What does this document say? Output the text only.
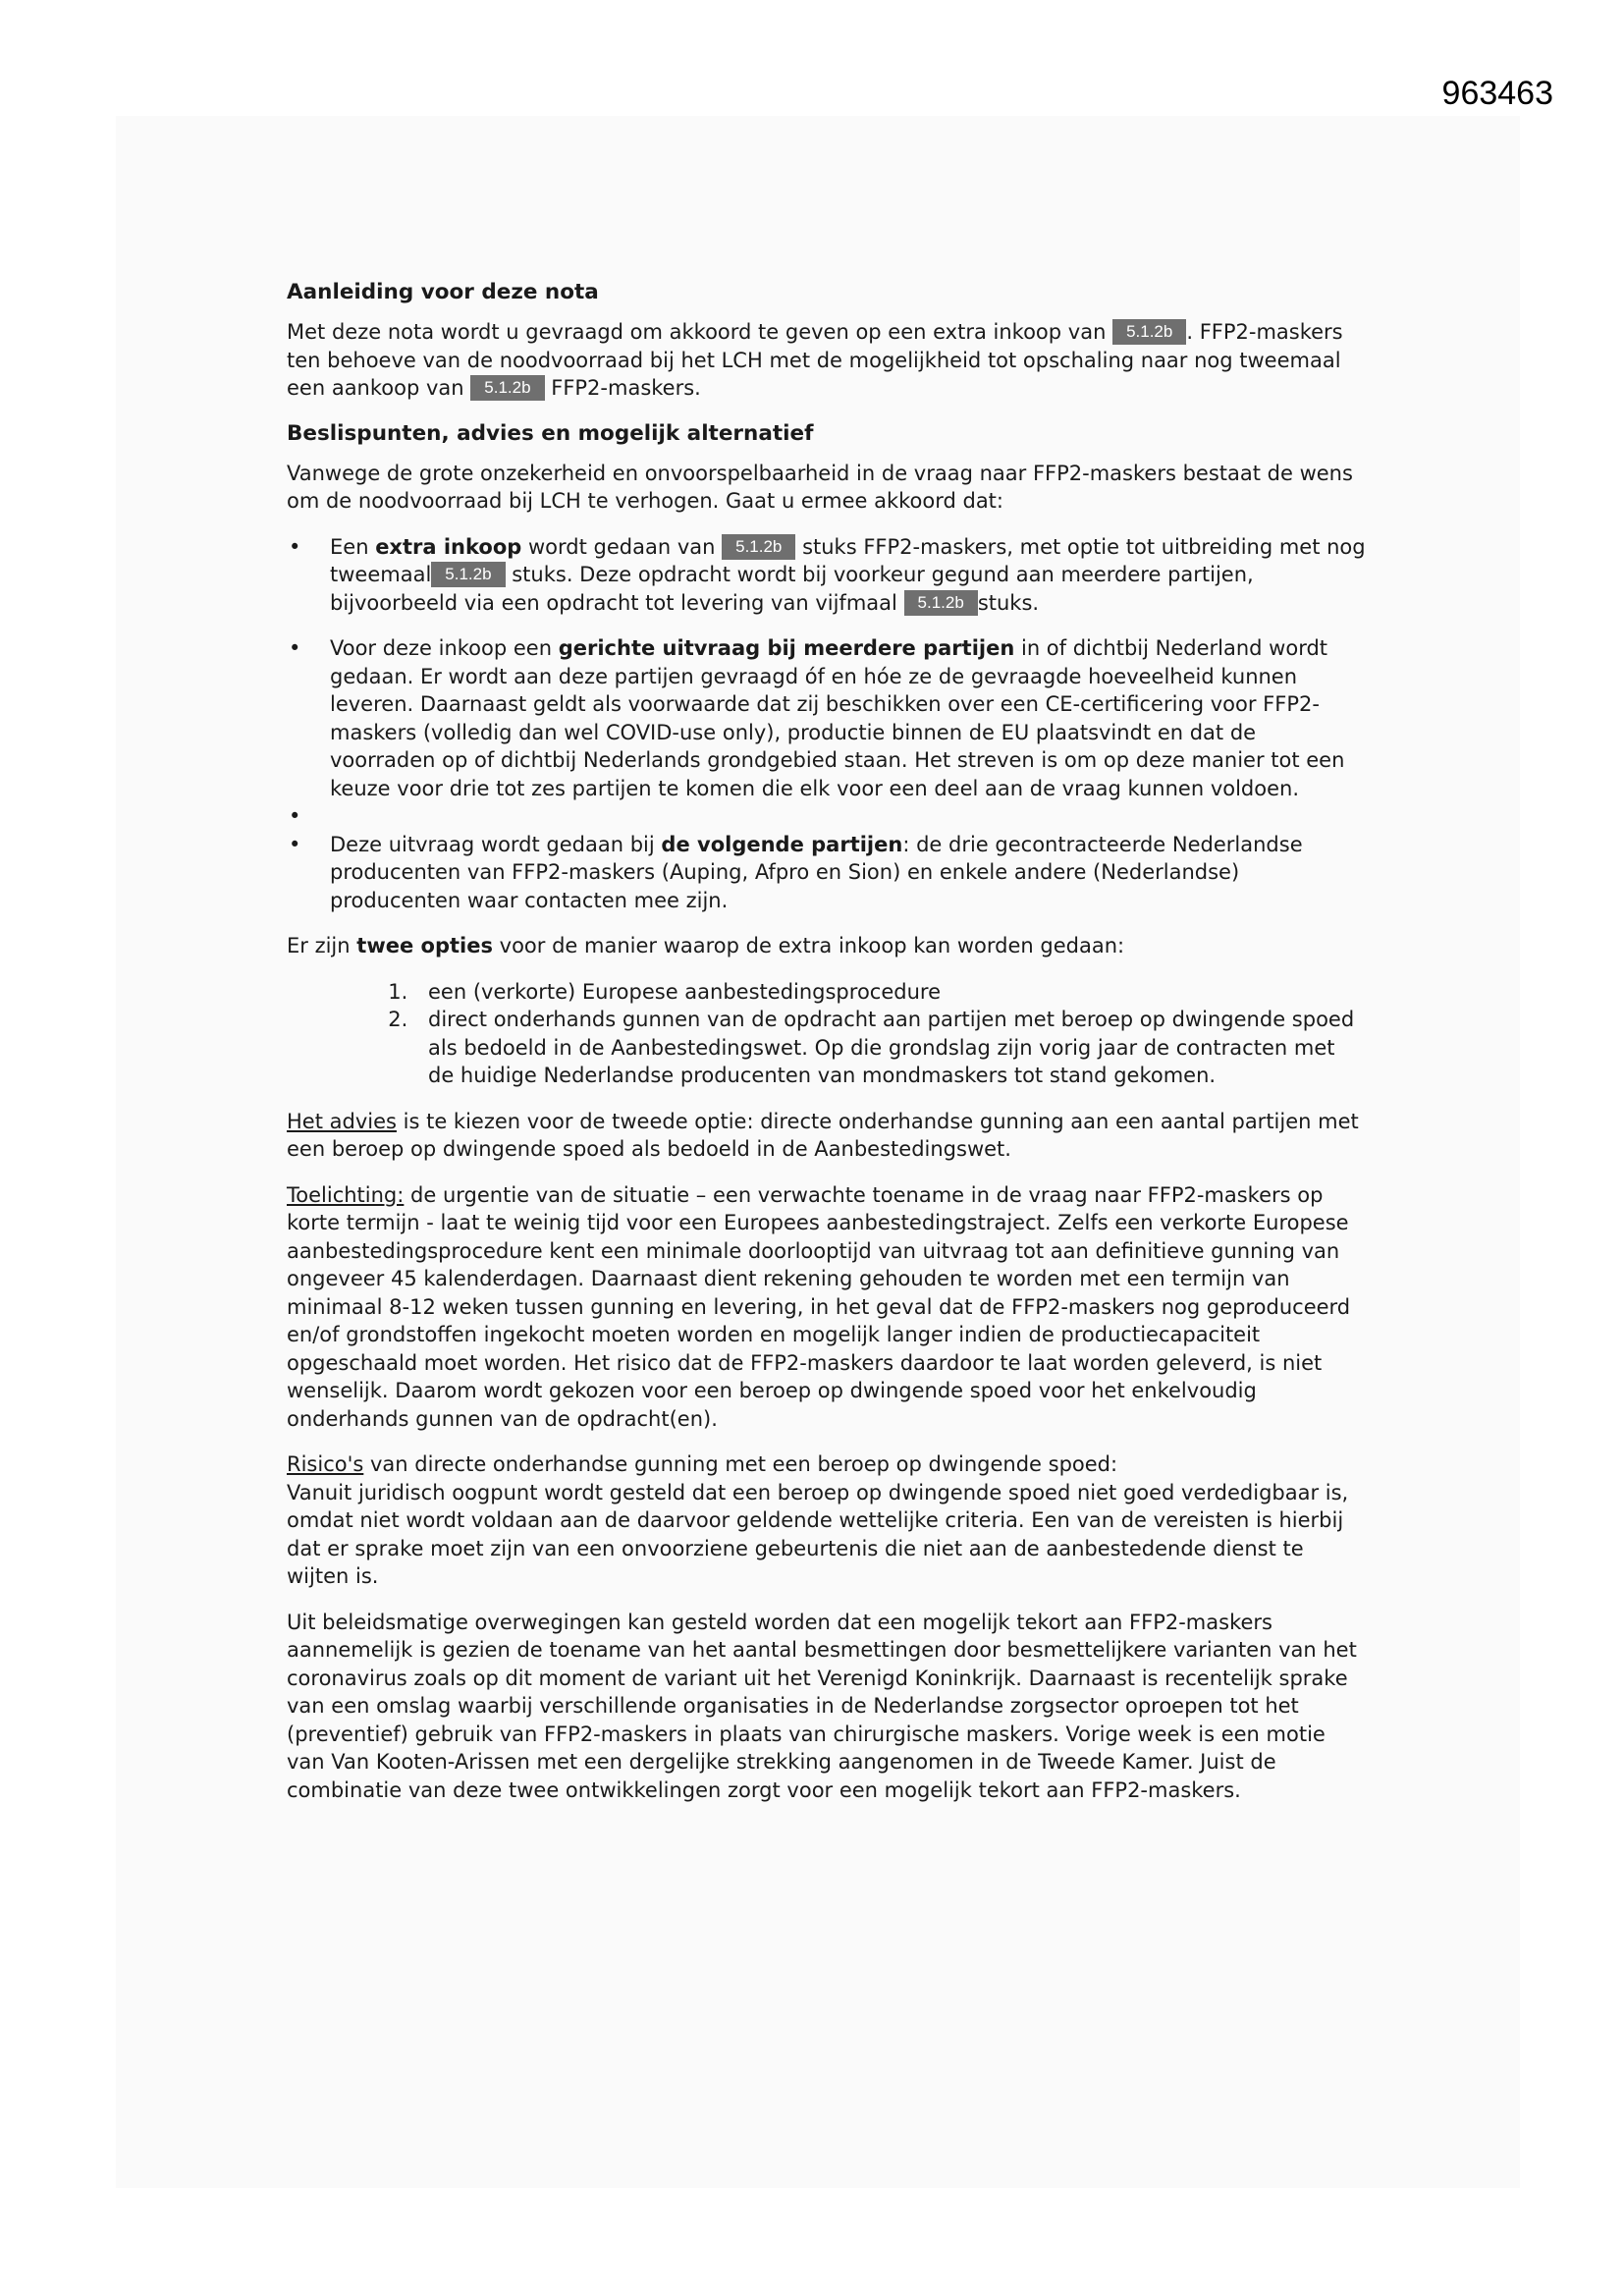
963463
Aanleiding voor deze nota

Met deze nota wordt u gevraagd om akkoord te geven op een extra inkoop van 5.1.2b . FFP2-maskers ten behoeve van de noodvoorraad bij het LCH met de mogelijkheid tot opschaling naar nog tweemaal een aankoop van 5.1.2b FFP2-maskers.

Beslispunten, advies en mogelijk alternatief

Vanwege de grote onzekerheid en onvoorspelbaarheid in de vraag naar FFP2-maskers bestaat de wens om de noodvoorraad bij LCH te verhogen. Gaat u ermee akkoord dat:

• Een extra inkoop wordt gedaan van 5.1.2b stuks FFP2-maskers, met optie tot uitbreiding met nog tweemaal 5.1.2b stuks. Deze opdracht wordt bij voorkeur gegund aan meerdere partijen, bijvoorbeeld via een opdracht tot levering van vijfmaal 5.1.2b stuks.
• Voor deze inkoop een gerichte uitvraag bij meerdere partijen in of dichtbij Nederland wordt gedaan. Er wordt aan deze partijen gevraagd óf en hóe ze de gevraagde hoeveelheid kunnen leveren. Daarnaast geldt als voorwaarde dat zij beschikken over een CE-certificering voor FFP2-maskers (volledig dan wel COVID-use only), productie binnen de EU plaatsvindt en dat de voorraden op of dichtbij Nederlands grondgebied staan. Het streven is om op deze manier tot een keuze voor drie tot zes partijen te komen die elk voor een deel aan de vraag kunnen voldoen.
•
• Deze uitvraag wordt gedaan bij de volgende partijen: de drie gecontracteerde Nederlandse producenten van FFP2-maskers (Auping, Afpro en Sion) en enkele andere (Nederlandse) producenten waar contacten mee zijn.

Er zijn twee opties voor de manier waarop de extra inkoop kan worden gedaan:

1. een (verkorte) Europese aanbestedingsprocedure
2. direct onderhands gunnen van de opdracht aan partijen met beroep op dwingende spoed als bedoeld in de Aanbestedingswet. Op die grondslag zijn vorig jaar de contracten met de huidige Nederlandse producenten van mondmaskers tot stand gekomen.

Het advies is te kiezen voor de tweede optie: directe onderhandse gunning aan een aantal partijen met een beroep op dwingende spoed als bedoeld in de Aanbestedingswet.

Toelichting: de urgentie van de situatie – een verwachte toename in de vraag naar FFP2-maskers op korte termijn - laat te weinig tijd voor een Europees aanbestedingstraject. Zelfs een verkorte Europese aanbestedingsprocedure kent een minimale doorlooptijd van uitvraag tot aan definitieve gunning van ongeveer 45 kalenderdagen. Daarnaast dient rekening gehouden te worden met een termijn van minimaal 8-12 weken tussen gunning en levering, in het geval dat de FFP2-maskers nog geproduceerd en/of grondstoffen ingekocht moeten worden en mogelijk langer indien de productiecapaciteit opgeschaald moet worden. Het risico dat de FFP2-maskers daardoor te laat worden geleverd, is niet wenselijk. Daarom wordt gekozen voor een beroep op dwingende spoed voor het enkelvoudig onderhands gunnen van de opdracht(en).

Risico's van directe onderhandse gunning met een beroep op dwingende spoed:
Vanuit juridisch oogpunt wordt gesteld dat een beroep op dwingende spoed niet goed verdedigbaar is, omdat niet wordt voldaan aan de daarvoor geldende wettelijke criteria. Een van de vereisten is hierbij dat er sprake moet zijn van een onvoorziene gebeurtenis die niet aan de aanbestedende dienst te wijten is.

Uit beleidsmatige overwegingen kan gesteld worden dat een mogelijk tekort aan FFP2-maskers aannemelijk is gezien de toename van het aantal besmettingen door besmettelijkere varianten van het coronavirus zoals op dit moment de variant uit het Verenigd Koninkrijk. Daarnaast is recentelijk sprake van een omslag waarbij verschillende organisaties in de Nederlandse zorgsector oproepen tot het (preventief) gebruik van FFP2-maskers in plaats van chirurgische maskers. Vorige week is een motie van Van Kooten-Arissen met een dergelijke strekking aangenomen in de Tweede Kamer. Juist de combinatie van deze twee ontwikkelingen zorgt voor een mogelijk tekort aan FFP2-maskers.
